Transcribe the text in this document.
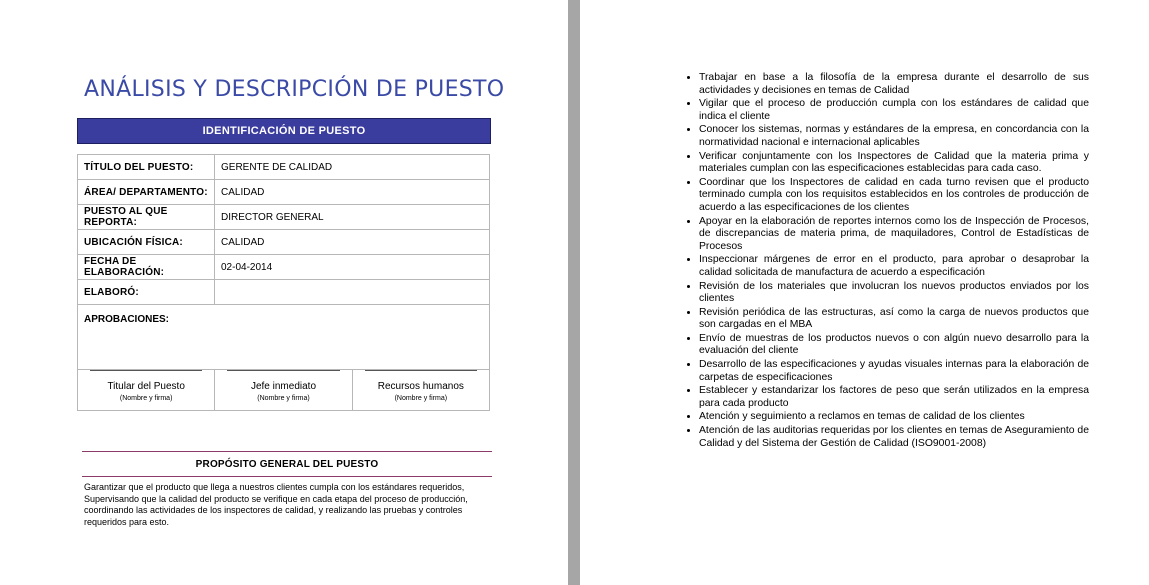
ANÁLISIS Y DESCRIPCIÓN DE PUESTO
IDENTIFICACIÓN DE PUESTO
TÍTULO DEL PUESTO:	GERENTE DE CALIDAD
ÁREA/ DEPARTAMENTO:	CALIDAD
PUESTO AL QUE REPORTA:	DIRECTOR GENERAL
UBICACIÓN FÍSICA:	CALIDAD
FECHA DE ELABORACIÓN:	02-04-2014
ELABORÓ:	
APROBACIONES:
Titular del Puesto
(Nombre y firma)
Jefe inmediato
(Nombre y firma)
Recursos humanos
(Nombre y firma)
PROPÓSITO GENERAL DEL PUESTO
Garantizar que el producto que llega a nuestros clientes cumpla con los estándares requeridos, Supervisando que la calidad del producto se verifique en cada etapa del proceso de producción, coordinando las actividades de los inspectores de calidad, y realizando las pruebas y controles requeridos para esto.
• Trabajar en base a la filosofía de la empresa durante el desarrollo de sus actividades y decisiones en temas de Calidad
• Vigilar que el proceso de producción cumpla con los estándares de calidad que indica el cliente
• Conocer los sistemas, normas y estándares de la empresa, en concordancia con la normatividad nacional e internacional aplicables
• Verificar conjuntamente con los Inspectores de Calidad que la materia prima y materiales cumplan con las especificaciones establecidas para cada caso.
• Coordinar que los Inspectores de calidad en cada turno revisen que el producto terminado cumpla con los requisitos establecidos en los controles de producción de acuerdo a las especificaciones de los clientes
• Apoyar en la elaboración de reportes internos como los de Inspección de Procesos, de discrepancias de materia prima, de maquiladores, Control de Estadísticas de Procesos
• Inspeccionar márgenes de error en el producto, para aprobar o desaprobar la calidad solicitada de manufactura de acuerdo a especificación
• Revisión de los materiales que involucran los nuevos productos enviados por los clientes
• Revisión periódica de las estructuras, así como la carga de nuevos productos que son cargadas en el MBA
• Envío de muestras de los productos nuevos o con algún nuevo desarrollo para la evaluación del cliente
• Desarrollo de las especificaciones y ayudas visuales internas para la elaboración de carpetas de especificaciones
• Establecer y estandarizar los factores de peso que serán utilizados en la empresa para cada producto
• Atención y seguimiento a reclamos en temas de calidad de los clientes
• Atención de las auditorias requeridas por los clientes en temas de Aseguramiento de Calidad y del Sistema der Gestión de Calidad (ISO9001-2008)
